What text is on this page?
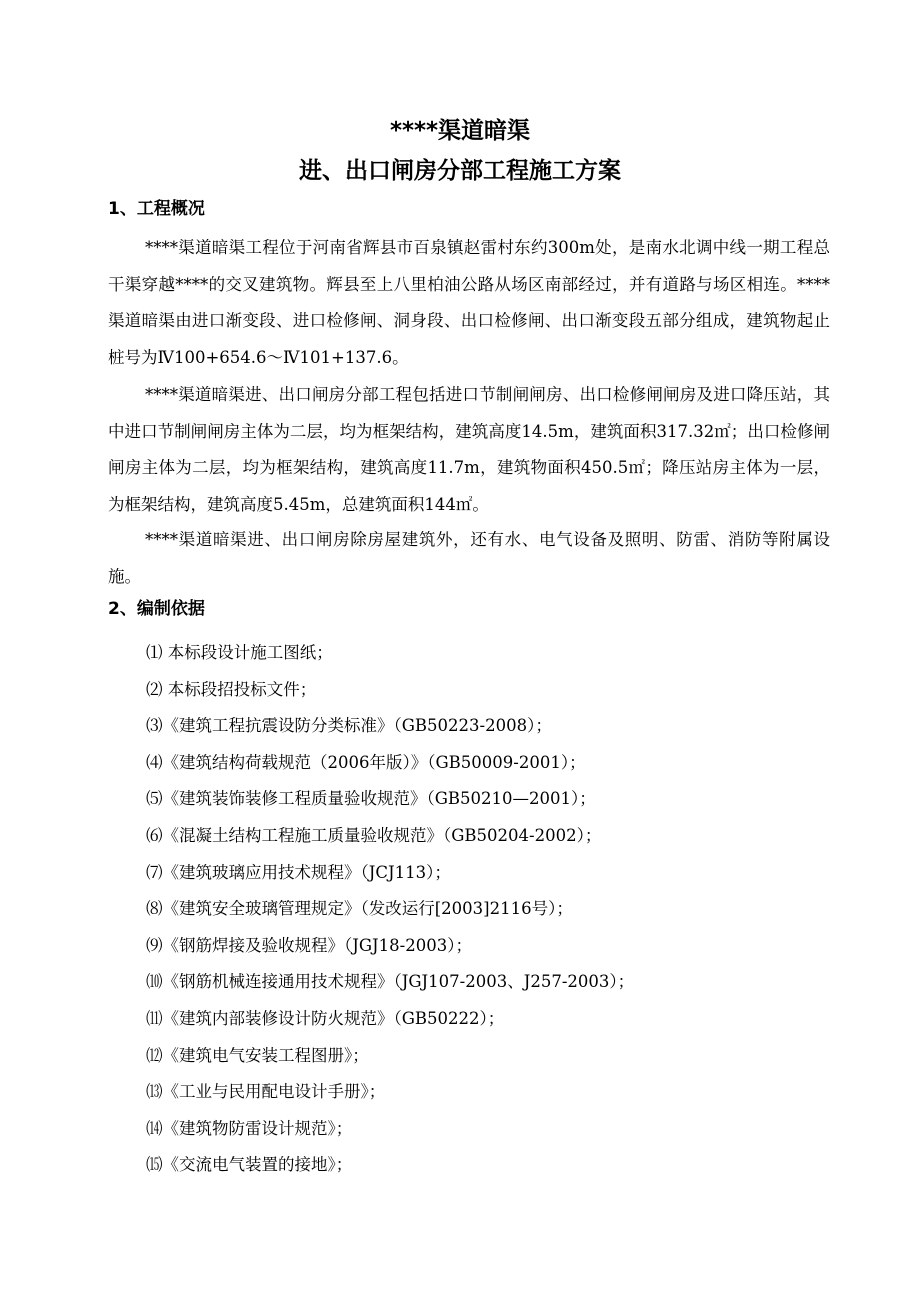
****渠道暗渠
进、出口闸房分部工程施工方案
1、工程概况

****渠道暗渠工程位于河南省辉县市百泉镇赵雷村东约300m处，是南水北调中线一期工程总干渠穿越****的交叉建筑物。辉县至上八里柏油公路从场区南部经过，并有道路与场区相连。****渠道暗渠由进口渐变段、进口检修闸、洞身段、出口检修闸、出口渐变段五部分组成，建筑物起止桩号为Ⅳ100+654.6～Ⅳ101+137.6。

****渠道暗渠进、出口闸房分部工程包括进口节制闸闸房、出口检修闸闸房及进口降压站，其中进口节制闸闸房主体为二层，均为框架结构，建筑高度14.5m，建筑面积317.32㎡；出口检修闸闸房主体为二层，均为框架结构，建筑高度11.7m，建筑物面积450.5㎡；降压站房主体为一层，为框架结构，建筑高度5.45m，总建筑面积144㎡。

****渠道暗渠进、出口闸房除房屋建筑外，还有水、电气设备及照明、防雷、消防等附属设施。

2、编制依据
⑴ 本标段设计施工图纸；
⑵ 本标段招投标文件；
⑶《建筑工程抗震设防分类标准》（GB50223-2008）；
⑷《建筑结构荷载规范（2006年版）》（GB50009-2001）；
⑸《建筑装饰装修工程质量验收规范》（GB50210—2001）；
⑹《混凝土结构工程施工质量验收规范》（GB50204-2002）；
⑺《建筑玻璃应用技术规程》（JCJ113）；
⑻《建筑安全玻璃管理规定》（发改运行[2003]2116号）；
⑼《钢筋焊接及验收规程》（JGJ18-2003）；
⑽《钢筋机械连接通用技术规程》（JGJ107-2003、J257-2003）；
⑾《建筑内部装修设计防火规范》（GB50222）；
⑿《建筑电气安装工程图册》；
⒀《工业与民用配电设计手册》；
⒁《建筑物防雷设计规范》；
⒂《交流电气装置的接地》；
